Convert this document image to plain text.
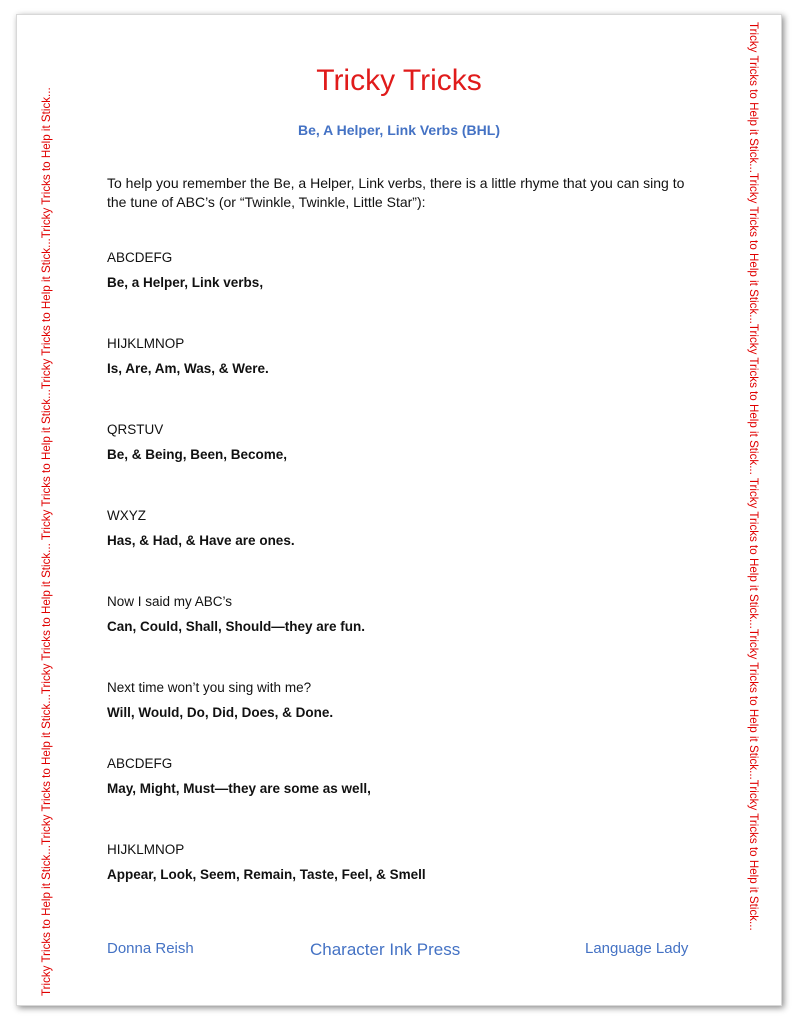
Tricky Tricks to Help it Stick...Tricky Tricks to Help it Stick...Tricky Tricks to Help it Stick... Tricky Tricks to Help it Stick...Tricky Tricks to Help it Stick...Tricky Tricks to Help it Stick...	Tricky Tricks to Help it Stick...Tricky Tricks to Help it Stick...Tricky Tricks to Help it Stick... Tricky Tricks to Help it Stick...Tricky Tricks to Help it Stick...Tricky Tricks to Help it Stick...
Tricky Tricks
Be, A Helper, Link Verbs (BHL)
To help you remember the Be, a Helper, Link verbs, there is a little rhyme that you can sing to the tune of ABC’s (or “Twinkle, Twinkle, Little Star”):
ABCDEFG
Be, a Helper, Link verbs,
HIJKLMNOP
Is, Are, Am, Was, & Were.
QRSTUV
Be, & Being, Been, Become,
WXYZ
Has, & Had, & Have are ones.
Now I said my ABC’s
Can, Could, Shall, Should—they are fun.
Next time won’t you sing with me?
Will, Would, Do, Did, Does, & Done.
ABCDEFG
May, Might, Must—they are some as well,
HIJKLMNOP
Appear, Look, Seem, Remain, Taste, Feel, & Smell
Donna Reish	Character Ink Press	Language Lady
